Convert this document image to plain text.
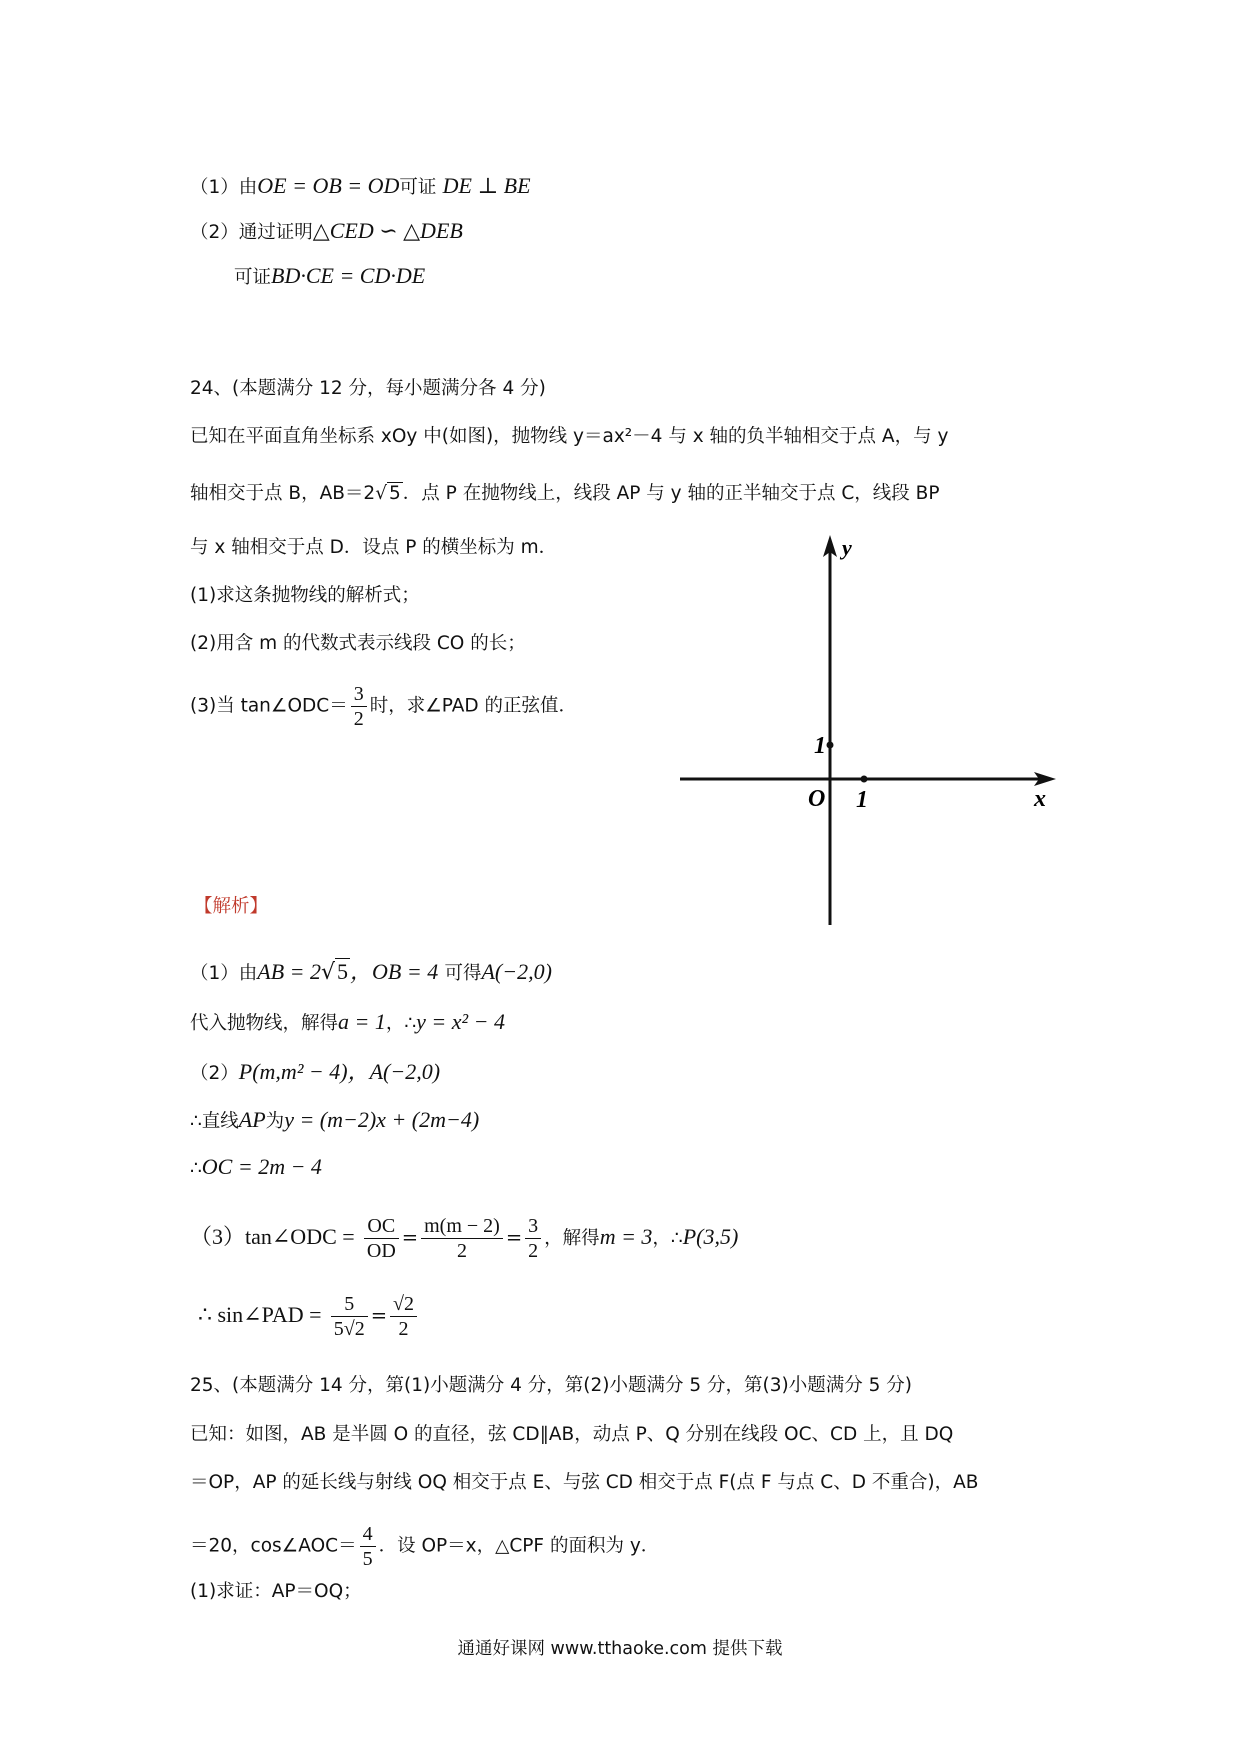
（1）由OE = OB = OD可证 DE ⊥ BE
（2）通过证明△CED ∽ △DEB
可证BD·CE = CD·DE
24、(本题满分 12 分，每小题满分各 4 分)
已知在平面直角坐标系 xOy 中(如图)，抛物线 y＝ax²－4 与 x 轴的负半轴相交于点 A，与 y
轴相交于点 B，AB＝2√ 5 ．点 P 在抛物线上，线段 AP 与 y 轴的正半轴交于点 C，线段 BP
与 x 轴相交于点 D．设点 P 的横坐标为 m．
(1)求这条抛物线的解析式；
(2)用含 m 的代数式表示线段 CO 的长；
(3)当 tan∠ODC＝ $\frac{3}{2}$ 时，求∠PAD 的正弦值．
y
x
O 1
1
【解析】
（1）由AB = 2√5，OB = 4 可得A(−2,0)
代入抛物线，解得a = 1，∴y = x² − 4
（2）P(m,m² − 4)，A(−2,0)
∴直线AP为y = (m−2)x + (2m−4)
∴OC = 2m − 4
（3）tan∠ODC = $\frac{OC}{OD} = \frac{m(m - 2)}{2} = \frac{3}{2}$ ，解得m = 3，∴P(3,5)
∴ sin∠PAD = $\frac{5}{5√2} = \frac{√2}{2}$
25、(本题满分 14 分，第(1)小题满分 4 分，第(2)小题满分 5 分，第(3)小题满分 5 分)
已知：如图，AB 是半圆 O 的直径，弦 CD∥AB，动点 P、Q 分别在线段 OC、CD 上，且 DQ
＝OP，AP 的延长线与射线 OQ 相交于点 E、与弦 CD 相交于点 F(点 F 与点 C、D 不重合)，AB
＝20，cos∠AOC＝ $\frac{4}{5}$ ．设 OP＝x，△CPF 的面积为 y．
(1)求证：AP＝OQ；
通通好课网 www.tthaoke.com 提供下载
